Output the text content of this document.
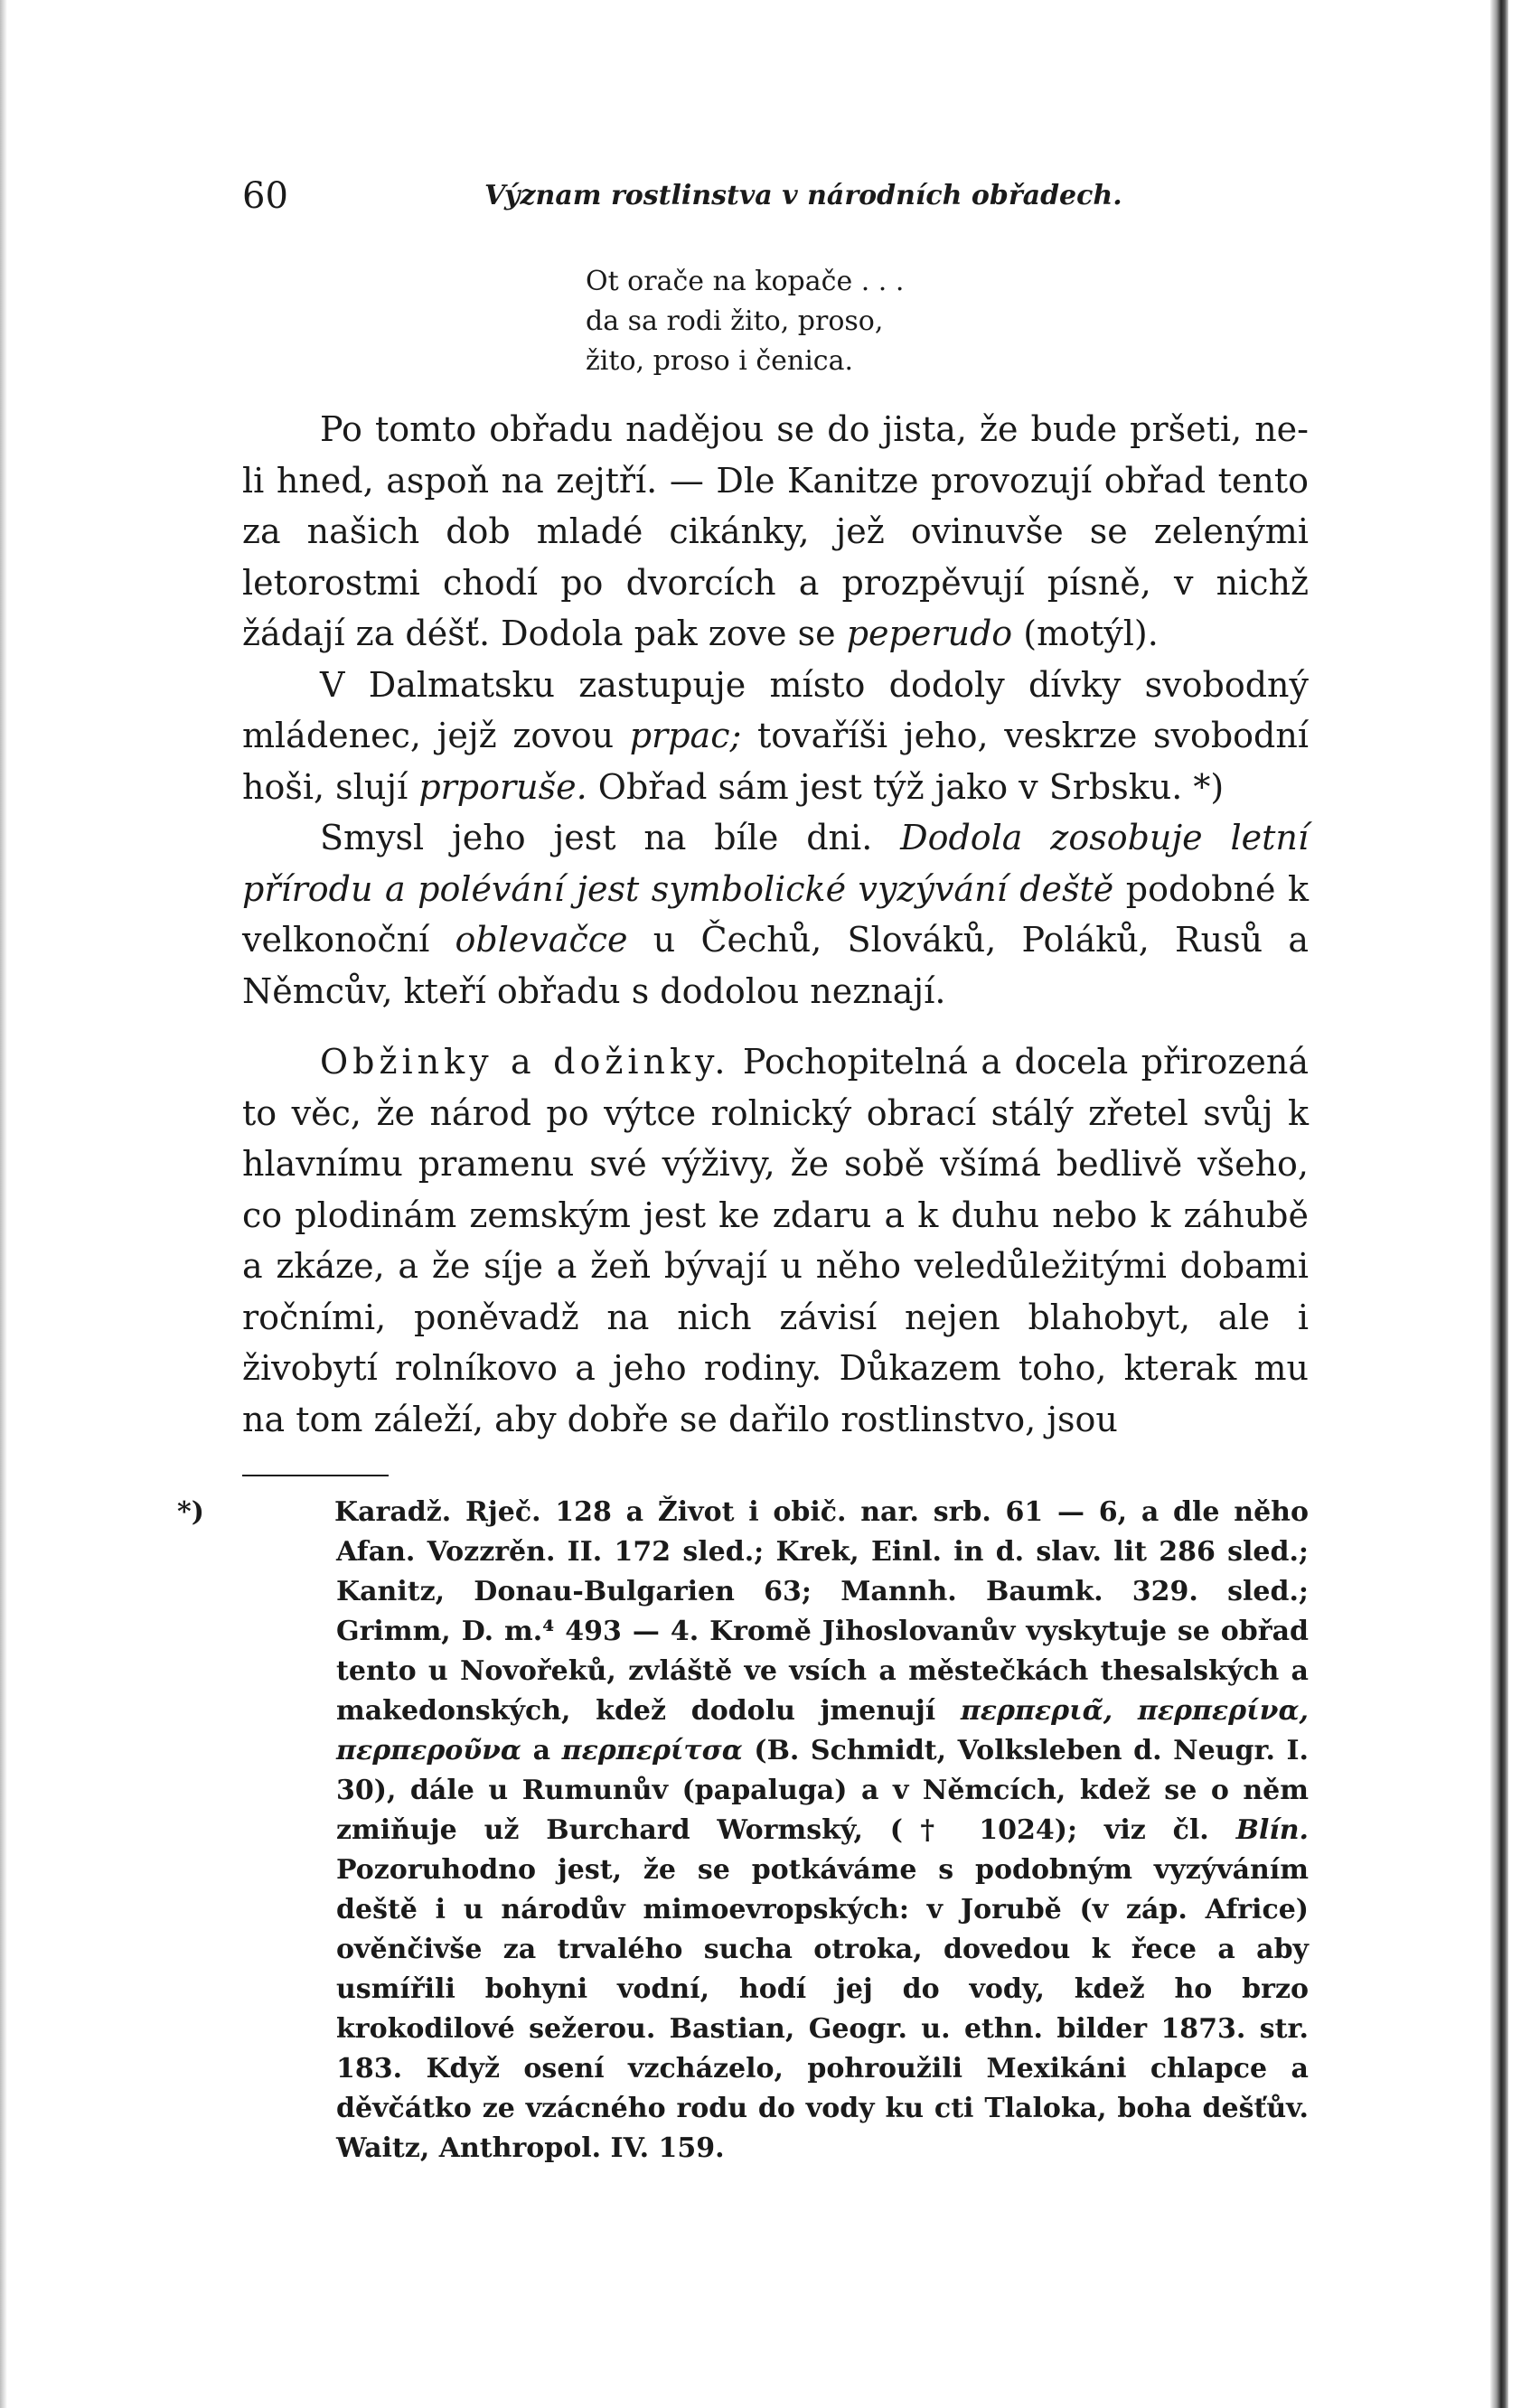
60	Význam rostlinstva v národních obřadech.
Ot orače na kopače . . .
da sa rodi žito, proso,
žito, proso i čenica.

Po tomto obřadu nadějou se do jista, že bude pršeti, ne-li hned, aspoň na zejtří. — Dle Kanitze provozují obřad tento za našich dob mladé cikánky, jež ovinuvše se zelenými letorostmi chodí po dvorcích a prozpěvují písně, v nichž žádají za déšť. Dodola pak zove se peperudo (motýl).

V Dalmatsku zastupuje místo dodoly dívky svobodný mládenec, jejž zovou prpac; tovaříši jeho, veskrze svobodní hoši, slují prporuše. Obřad sám jest týž jako v Srbsku. *)

Smysl jeho jest na bíle dni. Dodola zosobuje letní přírodu a polévání jest symbolické vyzývání deště podobné k velkonoční oblevačce u Čechů, Slováků, Poláků, Rusů a Němcův, kteří obřadu s dodolou neznají.

Obžinky a dožinky. Pochopitelná a docela přirozená to věc, že národ po výtce rolnický obrací stálý zřetel svůj k hlavnímu pramenu své výživy, že sobě všímá bedlivě všeho, co plodinám zemským jest ke zdaru a k duhu nebo k záhubě a zkáze, a že síje a žeň bývají u něho veledůležitými dobami ročními, poněvadž na nich závisí nejen blahobyt, ale i živobytí rolníkovo a jeho rodiny. Důkazem toho, kterak mu na tom záleží, aby dobře se dařilo rostlinstvo, jsou

*)	Karadž. Rječ. 128 a Život i obič. nar. srb. 61 — 6, a dle něho Afan. Vozzrěn. II. 172 sled.; Krek, Einl. in d. slav. lit 286 sled.; Kanitz, Donau-Bulgarien 63; Mannh. Baumk. 329. sled.; Grimm, D. m.⁴ 493 — 4. Kromě Jihoslovanův vyskytuje se obřad tento u Novořeků, zvláště ve vsích a městečkách thesalských a makedonských, kdež dodolu jmenují περπερια̃, περπερίνα, περπερου̃να a περπερίτσα (B. Schmidt, Volksleben d. Neugr. I. 30), dále u Rumunův (papaluga) a v Němcích, kdež se o něm zmiňuje už Burchard Wormský, († 1024); viz čl. Blín. Pozoruhodno jest, že se potkáváme s podobným vyzýváním deště i u národův mimoevropských: v Jorubě (v záp. Africe) ověnčivše za trvalého sucha otroka, dovedou k řece a aby usmířili bohyni vodní, hodí jej do vody, kdež ho brzo krokodilové sežerou. Bastian, Geogr. u. ethn. bilder 1873. str. 183. Když osení vzcházelo, pohroužili Mexikáni chlapce a děvčátko ze vzácného rodu do vody ku cti Tlaloka, boha dešťův. Waitz, Anthropol. IV. 159.
